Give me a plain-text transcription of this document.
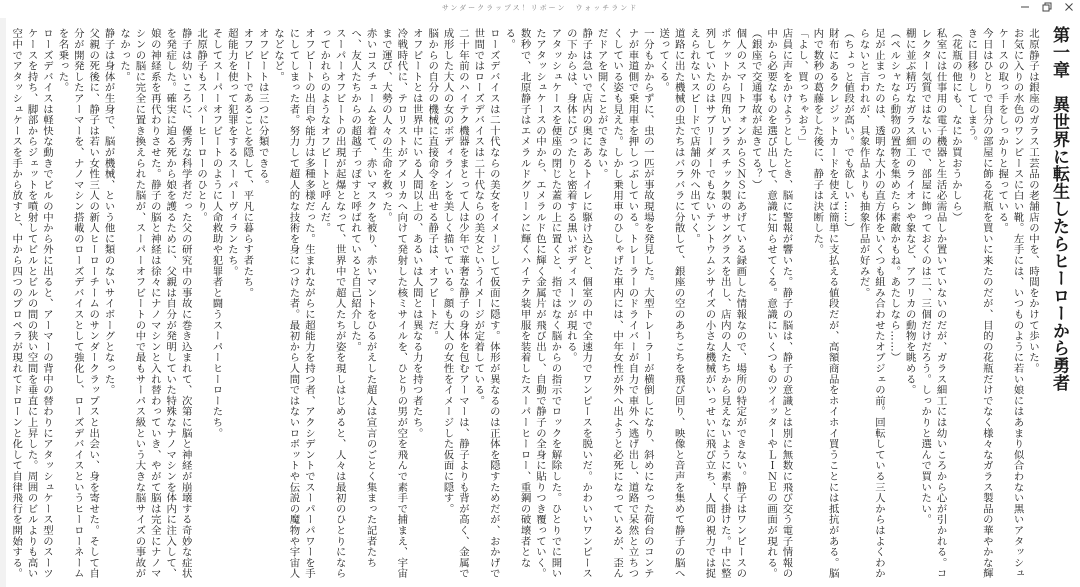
サンダークラップス！リボーン　ウォッチランド
第一章　異世界に転生したらヒーローから勇者
北原静子は銀座のガラス工芸品の老舗店の中を、時間をかけて歩いた。
お気に入りの水色のワンピースに白い靴。左手には、いつものように若い娘にはあまり似合わない黒いアタッシュケースの取っ手をしっかりと握っている。
今日はひとりで自分の部屋に飾る花瓶を買いに来たのだが、目的の花瓶だけでなく様々なガラス製品の華やかな輝きに目移りしてしまう。
（花瓶の他にも、なにか買おうかしら）
私室には仕事用の電子機器と生活必需品しか置いていないのだが、ガラス細工には幼いころから心が引かれる。コレクター気質ではないので、部屋に飾っておくのは二、三個だけだろう。しっかりと選んで買いたい。
棚に並ぶ精巧なガラス細工のライオンや象など、アフリカの動物を眺める。
（ペルシャなら動物の置物を集めたら素敵かもね。あたしなら……）
足が止まったのは、透明な大小の直方体をいくつも組み合わせたオブジェの前。回転している三人からはよくわからないと言われが、具象作品よりも抽象作品が好みだ。
（ちょっと値段が高い。でも欲しい……）
財布にあるクレジットカードを使えば簡単に支払える値段だが、高額商品をホイホイ買うことには抵抗がある。脳内で数秒の葛藤をした後に、静子は決断した。
「よし、買っちゃおう」
店員に声をかけようとしたとき、脳に警報が響いた。静子の脳は、静子の意識とは別に無数に飛び交う電子情報の中から必要なものを選び出して、意識に知らせてくる。意識にいくつものツイッターやＬＩＮＥの画面が現れる。
（銀座で交通事故が起きてる？）
個人のスマートフォンからＳＮＳにあげている録画した情報なので、場所の特定ができない。静子はワンピースのポケットから四角いプラスチック製のサングラスを出し、店内の人たちから見えないように素早く掛けた。中に整列していたのはサブリーダーでもないテントウムシサイズの小さな機械がいっせいに飛び立ち、人間の視力では捉えられないスピードで店舗の外へ出ていく。
道路に出た機械の虫たちはバラバラに分散して、銀座の空のあちこちを飛び回り、映像と音声を集めて静子の脳へ送ってくる。
一分もかからずに、虫の一匹が事故現場を発見した。大型トレーラーが横倒しになり、斜めになった荷台のコンテナが車道側で乗用車を押しつぶしている。トレーラーのドライバーが自力で車外へ逃げ出し、道路で呆然と立ちつくしている姿も見えた。しかし乗用車のひしゃげた車内には、中年女性が外へ出ようと必死になっているが、歪んだドアを開くことができない。
静子は急いで店内の奥にあるトイレに駆け込むと、個室の中で全速力でワンピースを脱いだ。かわいいワンピースの下からは、身体にぴったりと密着する黒いボディスーツが現れる。
アタッシュケースを便座の閉じた蓋の上に置くと、指ではなく脳からの指示でロックを解除した。ひとりでに開いたアタッシュケースの中から、エメラルド色に輝く金属片が飛び出し、自動で静子の全身に貼りつき覆っていく。
数秒で、北原静子はエメラルドグリーンに輝くハイテク装甲服を装着したスーパーヒーロー、重鋼の破壊者となる。
ローズデバイスは二十代ならの美女をイメージして仮面に隠す。体形が異なるのは正体を隠すためだが、おかげで世間ではローズデバイスは二十代ならの美女というイメージが定着している。
二十年前のハイテク機器をまとって人は少年で華奢な静子の身体を包むアーマーは、静子よりも背が高く、金属で成形した大人の女のボディラインを美しく描いている。顔も大人の女性をイメージした仮面に隠す。
脳からの自分の機械に直接命令を出せる静子は、オフビートだ。
オフビートとは世界中にいる人間以上の、あるいは人間とは異なる力を持つ者たち。
冷戦時代に、テロリストがアメリカへ向けて発射した核ミサイルを、ひとりの男が空を飛んで素手で捕まえ、宇宙まで運び、大勢の人々の生命を救った。
赤いコスチュームを着て、赤いマスクを被り、赤いマントをひるがえした超人は宣言のごとく集まった記者たちへ、友人たちからの超越子っぽすと呼ばれていると自己紹介した。
スーパーオフビートの出現が起爆となって、世界中で超人たちが姿を現しはじめると、人々は最初のひとりにならってかれらのようなオフビートと呼んだ。
オフビートの出自や能力は多種多様だった。生まれながらに超能力を持つ者、アクシデントでスーパーパワーを手にしてしまった者。努力して超人的な技術を身につけた者。最初から人間ではないロボットや伝説の魔物や宇宙人などなど。
オフビートは三つに分類できる。
オフビートであることを隠して、平凡に暮らす者たち。
超能力を使って犯罪をするスーパーヴィランたち。
そしてスーパーオフビートのように人命救助や犯罪者と闘うスーパーヒーローたち。
北原静子もスーパーヒーローのひとり。
静子は幼いころに、優秀な科学者だった父の研究中の事故に巻き込まれて、次第に脳と神経が崩壊する奇妙な症状を発症した。確実に迫る死から娘を護るために、父親は自分が発明していた特殊なナノマシンを体内に注入して、娘の神経系を再代わりさせた。静子の脳と神経は徐々にナノマシンと入れ替わっていき、やがて脳は完全にナノマシンの脳に完全に置き換えられた脳が、スーパーオフビートの中で最もサーパス級という大きな脳サイズの事故がなかった。
静子は身体が生身で、脳が機械、という他に類のないサイボーグとなった。
父親の死後に、静子は若い女性三人の新人ヒーローチームのサンダークラップスと出会い、身を寄せた。そして自分が開発したアーマーを、ナノマシン搭載のローズデバイスとして強化し、ローズデバイスというヒーローネームを名乗った。
ローズデバイスは軽快な動きでビルの中から外に出ると、アーマーの背中の替わりにアタッシュケース型のスーツケースを持ち、脚部からジェットを噴射してビルとビルの間の狭い空間を垂直に上昇した。周囲のビルよりも高い空中でアタッシュケースを手から放すと、中から四つのプロペラが現れてドローンと化して自律飛行を開始する。
